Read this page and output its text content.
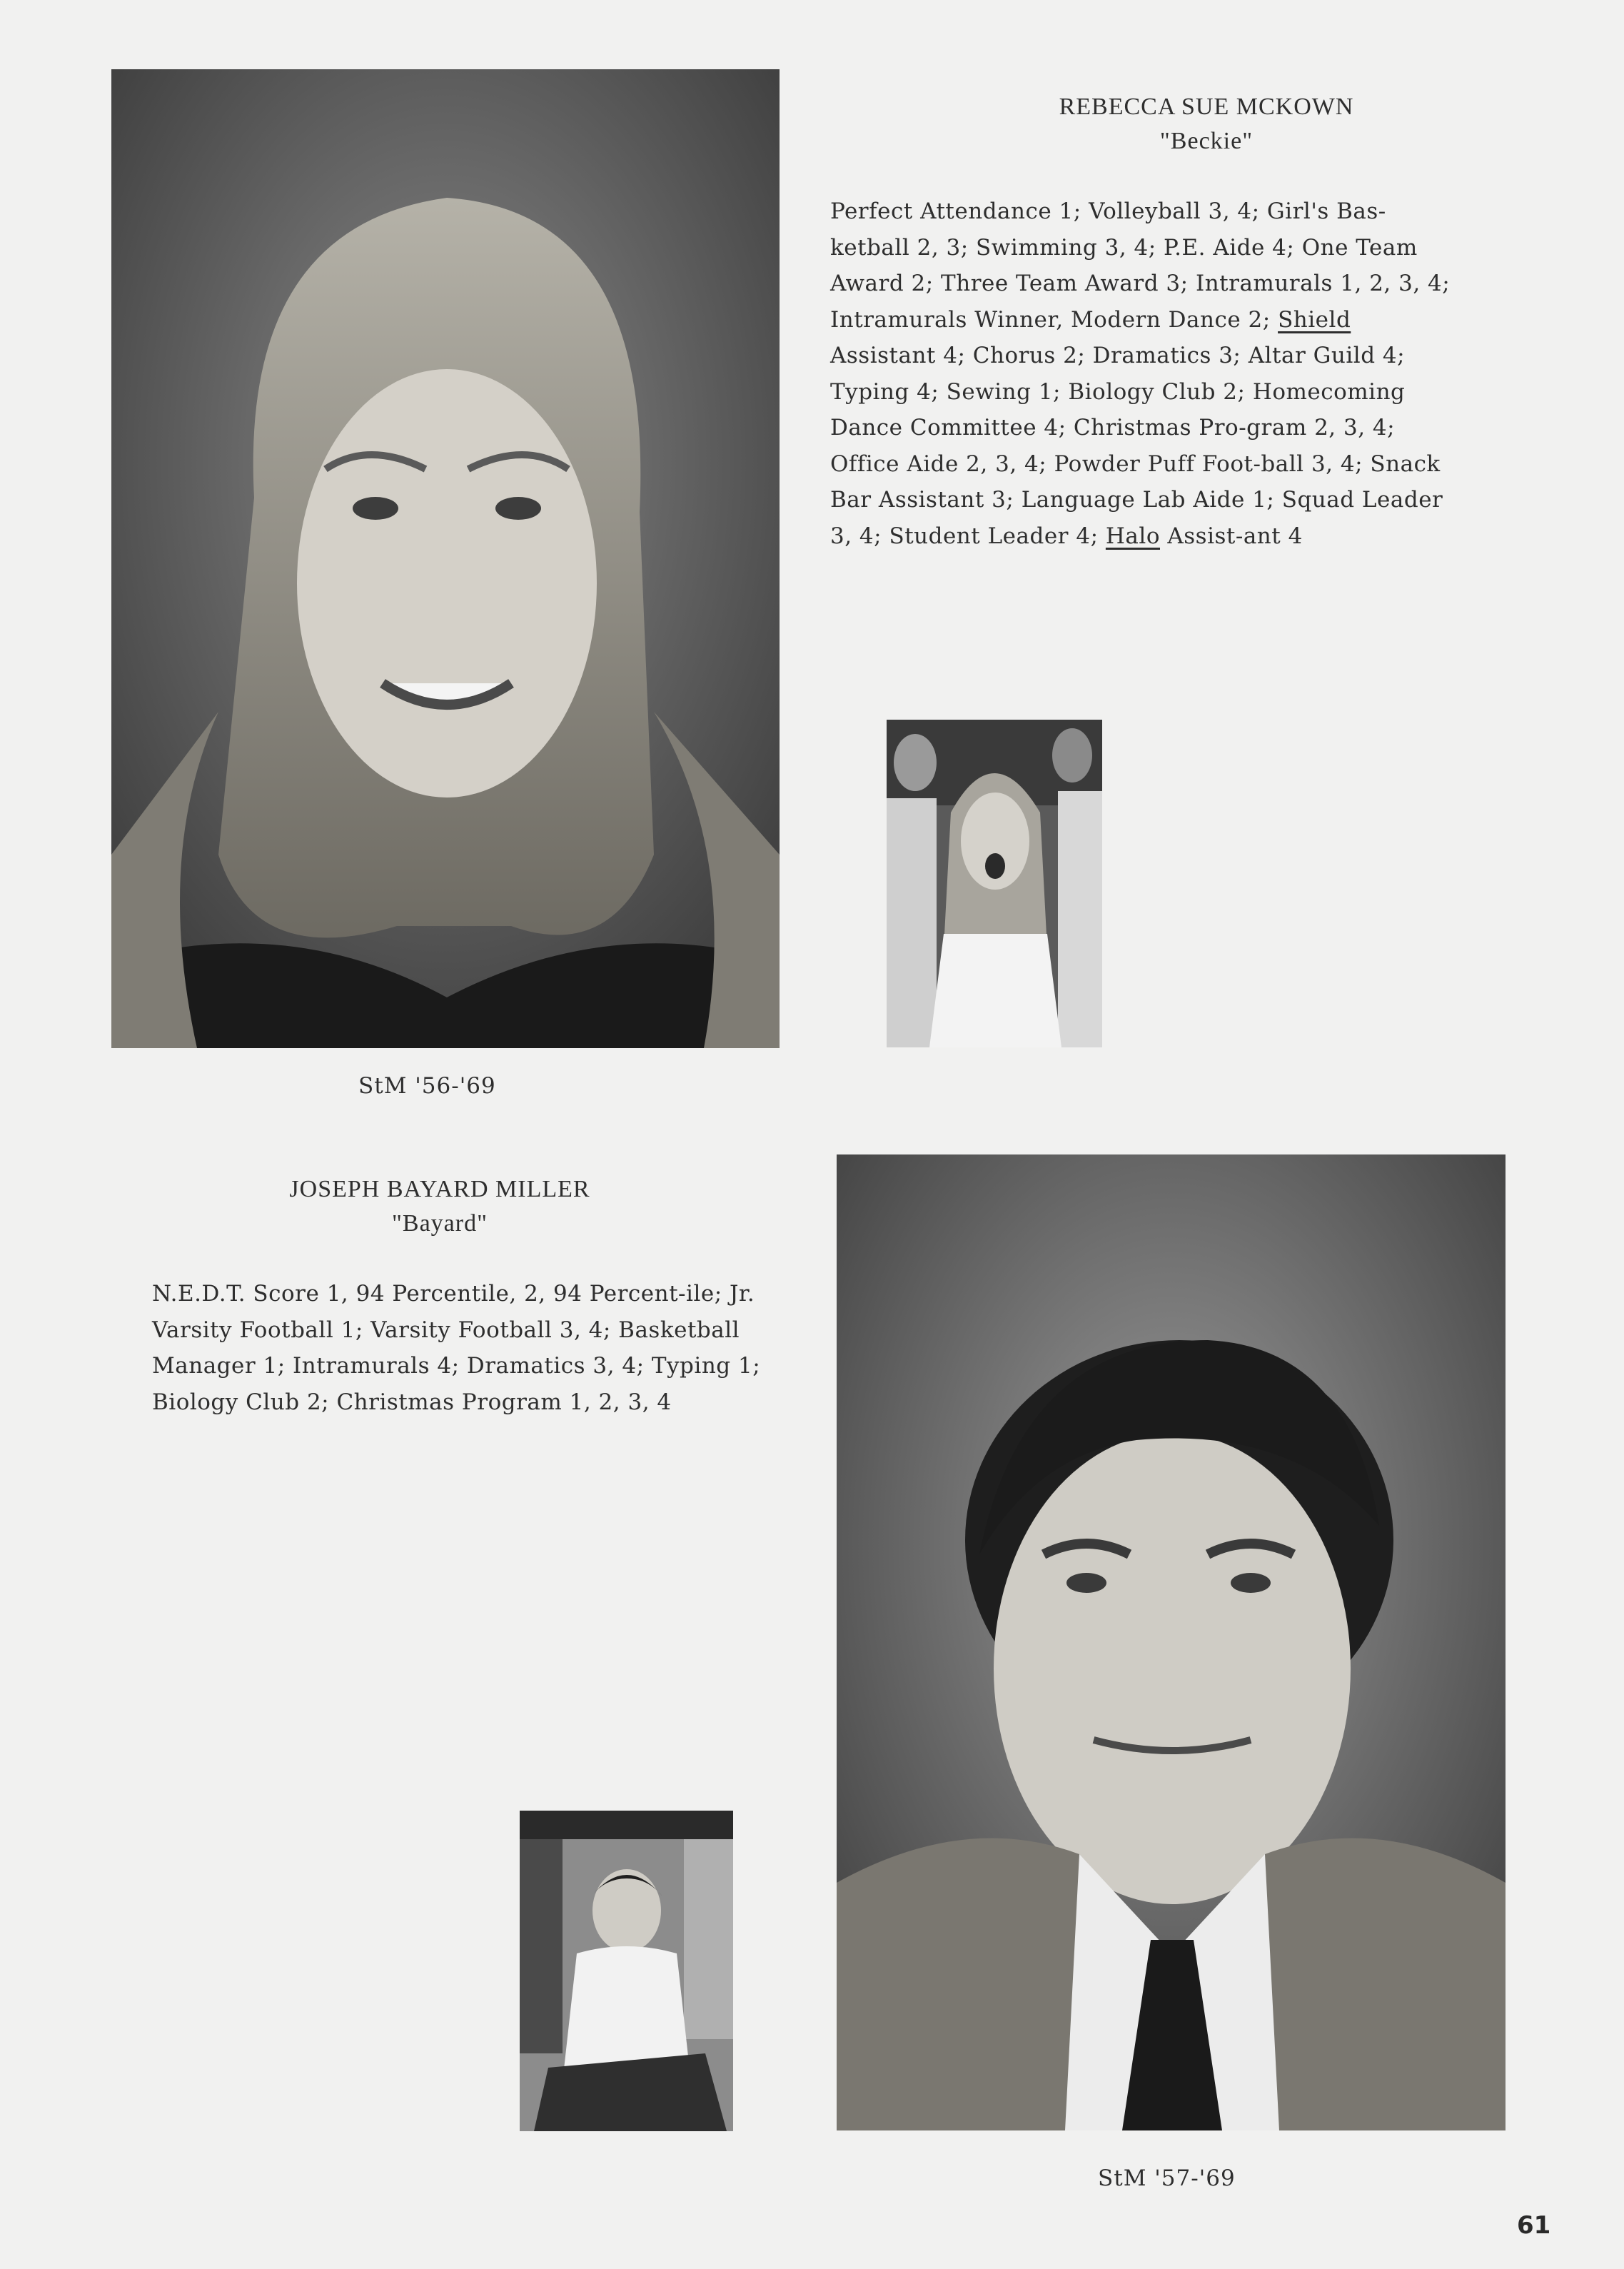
REBECCA SUE MCKOWN
"Beckie"
Perfect Attendance 1; Volleyball 3, 4; Girl's Bas-ketball 2, 3; Swimming 3, 4; P.E. Aide 4; One Team Award 2; Three Team Award 3; Intramurals 1, 2, 3, 4; Intramurals Winner, Modern Dance 2; Shield Assistant 4; Chorus 2; Dramatics 3; Altar Guild 4; Typing 4; Sewing 1; Biology Club 2; Homecoming Dance Committee 4; Christmas Pro-gram 2, 3, 4; Office Aide 2, 3, 4; Powder Puff Foot-ball 3, 4; Snack Bar Assistant 3; Language Lab Aide 1; Squad Leader 3, 4; Student Leader 4; Halo Assist-ant 4
StM '56-'69
JOSEPH BAYARD MILLER
"Bayard"
N.E.D.T. Score 1, 94 Percentile, 2, 94 Percent-ile; Jr. Varsity Football 1; Varsity Football 3, 4; Basketball Manager 1; Intramurals 4; Dramatics 3, 4; Typing 1; Biology Club 2; Christmas Program 1, 2, 3, 4
StM '57-'69
61
